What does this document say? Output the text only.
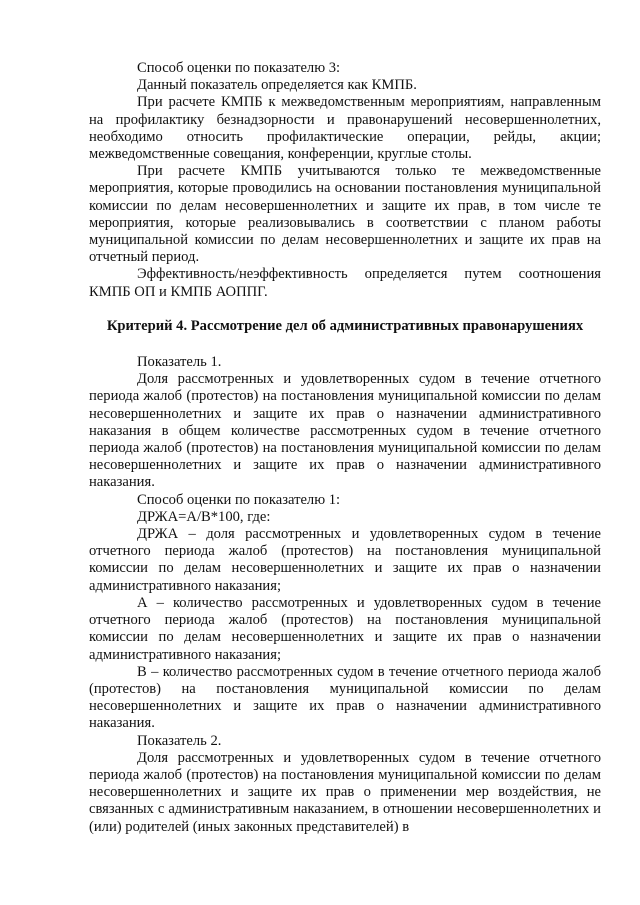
Способ оценки по показателю 3:

Данный показатель определяется как КМПБ.

При расчете КМПБ к межведомственным мероприятиям, направленным на профилактику безнадзорности и правонарушений несовершеннолетних, необходимо относить профилактические операции, рейды, акции; межведомственные совещания, конференции, круглые столы.

При расчете КМПБ учитываются только те межведомственные мероприятия, которые проводились на основании постановления муниципальной комиссии по делам несовершеннолетних и защите их прав, в том числе те мероприятия, которые реализовывались в соответствии с планом работы муниципальной комиссии по делам несовершеннолетних и защите их прав на отчетный период.

Эффективность/неэффективность определяется путем соотношения КМПБ ОП и КМПБ АОППГ.

Критерий 4. Рассмотрение дел об административных правонарушениях

Показатель 1.

Доля рассмотренных и удовлетворенных судом в течение отчетного периода жалоб (протестов) на постановления муниципальной комиссии по делам несовершеннолетних и защите их прав о назначении административного наказания в общем количестве рассмотренных судом в течение отчетного периода жалоб (протестов) на постановления муниципальной комиссии по делам несовершеннолетних и защите их прав о назначении административного наказания.

Способ оценки по показателю 1:

ДРЖА=А/В*100, где:

ДРЖА – доля рассмотренных и удовлетворенных судом в течение отчетного периода жалоб (протестов) на постановления муниципальной комиссии по делам несовершеннолетних и защите их прав о назначении административного наказания;

А – количество рассмотренных и удовлетворенных судом в течение отчетного периода жалоб (протестов) на постановления муниципальной комиссии по делам несовершеннолетних и защите их прав о назначении административного наказания;

В – количество рассмотренных судом в течение отчетного периода жалоб (протестов) на постановления муниципальной комиссии по делам несовершеннолетних и защите их прав о назначении административного наказания.

Показатель 2.

Доля рассмотренных и удовлетворенных судом в течение отчетного периода жалоб (протестов) на постановления муниципальной комиссии по делам несовершеннолетних и защите их прав о применении мер воздействия, не связанных с административным наказанием, в отношении несовершеннолетних и (или) родителей (иных законных представителей) в
